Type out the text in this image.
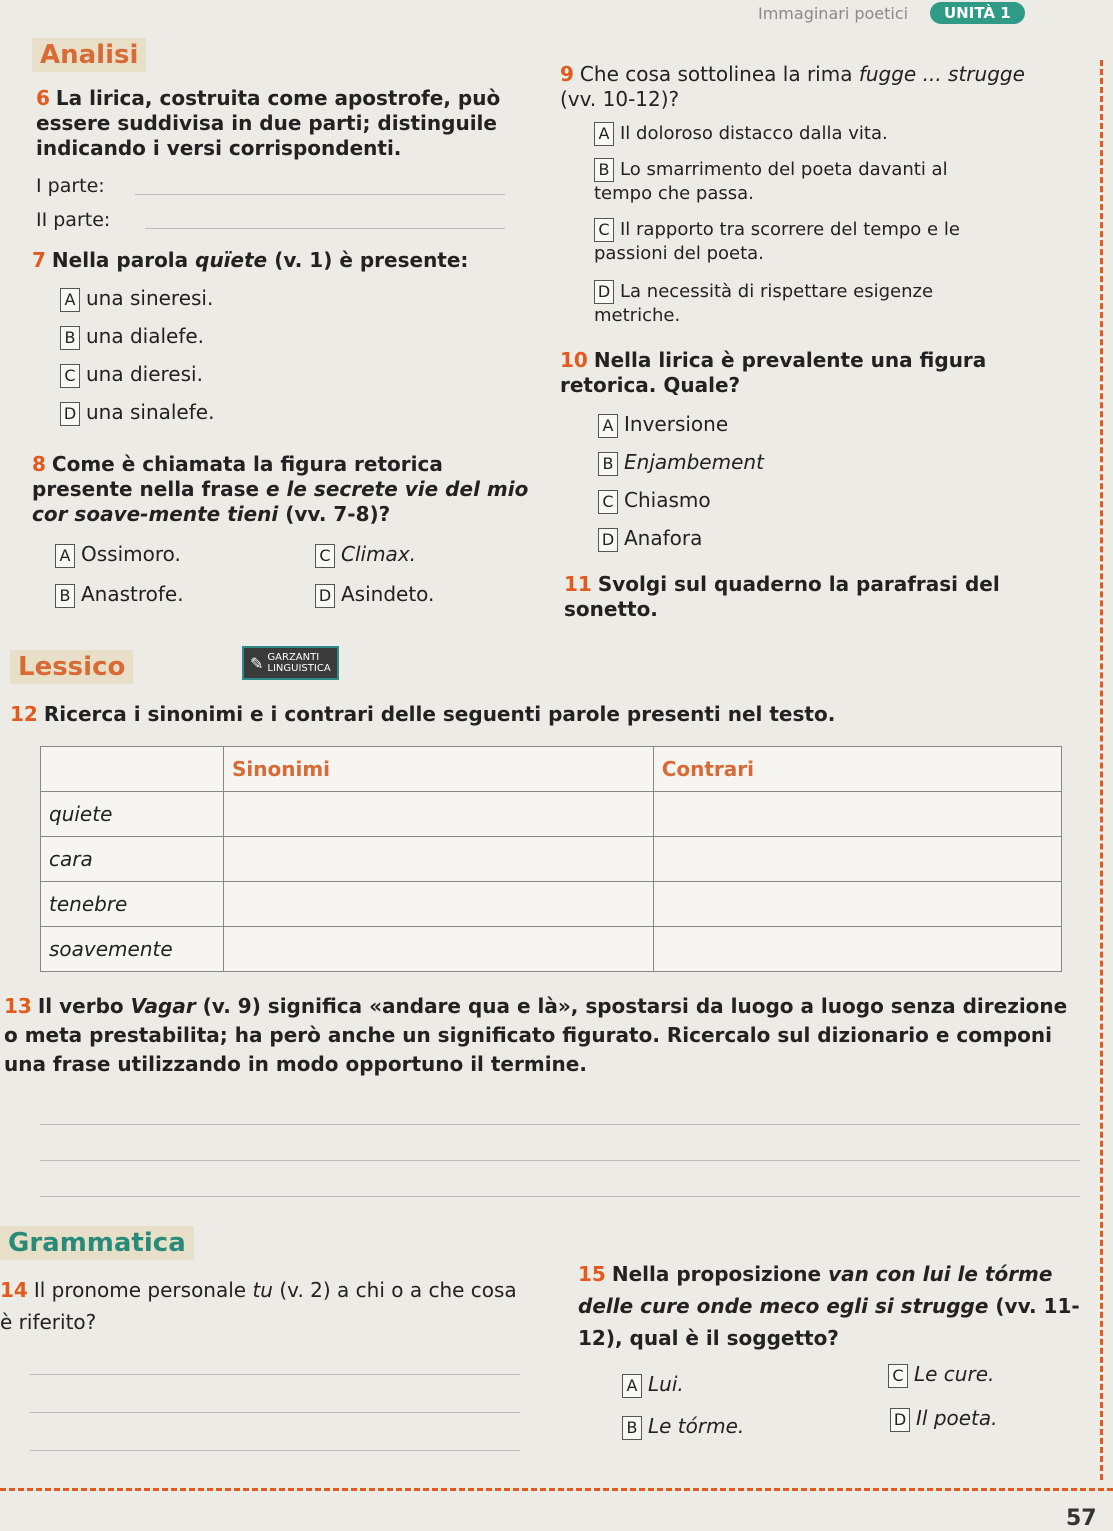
Immaginari poetici	UNITÀ 1
Analisi
6 La lirica, costruita come apostrofe, può essere suddivisa in due parti; distinguile indicando i versi corrispondenti.
I parte:
II parte:
7 Nella parola quïete (v. 1) è presente:
A una sineresi.
B una dialefe.
C una dieresi.
D una sinalefe.
8 Come è chiamata la figura retorica presente nella frase e le secrete vie del mio cor soave-mente tieni (vv. 7-8)?
A Ossimoro.
B Anastrofe.
C Climax.
D Asindeto.
9 Che cosa sottolinea la rima fugge ... strugge (vv. 10-12)?
A Il doloroso distacco dalla vita.
B Lo smarrimento del poeta davanti al tempo che passa.
C Il rapporto tra scorrere del tempo e le passioni del poeta.
D La necessità di rispettare esigenze metriche.
10 Nella lirica è prevalente una figura retorica. Quale?
A Inversione
B Enjambement
C Chiasmo
D Anafora
11 Svolgi sul quaderno la parafrasi del sonetto.
Lessico	✎ GARZANTI
LINGUISTICA
12 Ricerca i sinonimi e i contrari delle seguenti parole presenti nel testo.
	Sinonimi	Contrari
quiete		
cara		
tenebre		
soavemente		
13 Il verbo Vagar (v. 9) significa «andare qua e là», spostarsi da luogo a luogo senza direzione o meta prestabilita; ha però anche un significato figurato. Ricercalo sul dizionario e componi una frase utilizzando in modo opportuno il termine.
Grammatica
14 Il pronome personale tu (v. 2) a chi o a che cosa è riferito?
15 Nella proposizione van con lui le tórme delle cure onde meco egli si strugge (vv. 11-12), qual è il soggetto?
A Lui.
B Le tórme.
C Le cure.
D Il poeta.
57
